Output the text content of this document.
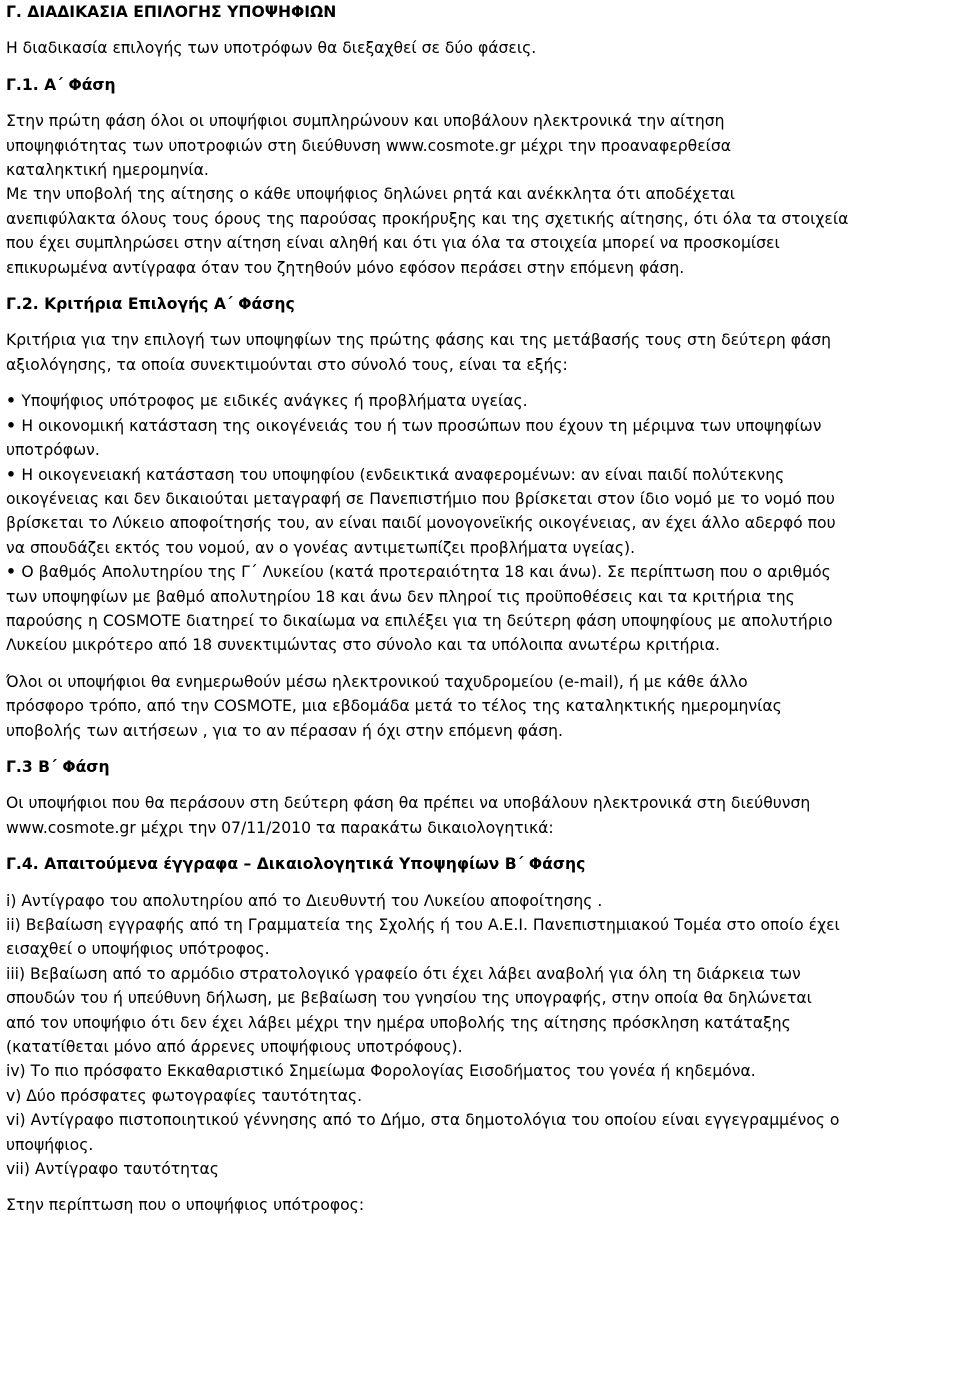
Γ. ΔΙΑΔΙΚΑΣΙΑ ΕΠΙΛΟΓΗΣ ΥΠΟΨΗΦΙΩΝ

Η διαδικασία επιλογής των υποτρόφων θα διεξαχθεί σε δύο φάσεις.

Γ.1. Α΄ Φάση

Στην πρώτη φάση όλοι οι υποψήφιοι συμπληρώνουν και υποβάλουν ηλεκτρονικά την αίτηση
υποψηφιότητας των υποτροφιών στη διεύθυνση www.cosmote.gr μέχρι την προαναφερθείσα
καταληκτική ημερομηνία.
Με την υποβολή της αίτησης ο κάθε υποψήφιος δηλώνει ρητά και ανέκκλητα ότι αποδέχεται
ανεπιφύλακτα όλους τους όρους της παρούσας προκήρυξης και της σχετικής αίτησης, ότι όλα τα στοιχεία
που έχει συμπληρώσει στην αίτηση είναι αληθή και ότι για όλα τα στοιχεία μπορεί να προσκομίσει
επικυρωμένα αντίγραφα όταν του ζητηθούν μόνο εφόσον περάσει στην επόμενη φάση.

Γ.2. Κριτήρια Επιλογής Α΄ Φάσης

Κριτήρια για την επιλογή των υποψηφίων της πρώτης φάσης και της μετάβασής τους στη δεύτερη φάση
αξιολόγησης, τα οποία συνεκτιμούνται στο σύνολό τους, είναι τα εξής:
• Υποψήφιος υπότροφος με ειδικές ανάγκες ή προβλήματα υγείας.
• Η οικονομική κατάσταση της οικογένειάς του ή των προσώπων που έχουν τη μέριμνα των υποψηφίων
υποτρόφων.
• Η οικογενειακή κατάσταση του υποψηφίου (ενδεικτικά αναφερομένων: αν είναι παιδί πολύτεκνης
οικογένειας και δεν δικαιούται μεταγραφή σε Πανεπιστήμιο που βρίσκεται στον ίδιο νομό με το νομό που
βρίσκεται το Λύκειο αποφοίτησής του, αν είναι παιδί μονογονεϊκής οικογένειας, αν έχει άλλο αδερφό που
να σπουδάζει εκτός του νομού, αν ο γονέας αντιμετωπίζει προβλήματα υγείας).
• Ο βαθμός Απολυτηρίου της Γ΄ Λυκείου (κατά προτεραιότητα 18 και άνω). Σε περίπτωση που ο αριθμός
των υποψηφίων με βαθμό απολυτηρίου 18 και άνω δεν πληροί τις προϋποθέσεις και τα κριτήρια της
παρούσης η COSMOTE διατηρεί το δικαίωμα να επιλέξει για τη δεύτερη φάση υποψηφίους με απολυτήριο
Λυκείου μικρότερο από 18 συνεκτιμώντας στο σύνολο και τα υπόλοιπα ανωτέρω κριτήρια.
Όλοι οι υποψήφιοι θα ενημερωθούν μέσω ηλεκτρονικού ταχυδρομείου (e-mail), ή με κάθε άλλο
πρόσφορο τρόπο, από την COSMOTE, μια εβδομάδα μετά το τέλος της καταληκτικής ημερομηνίας
υποβολής των αιτήσεων , για το αν πέρασαν ή όχι στην επόμενη φάση.

Γ.3 Β΄ Φάση

Οι υποψήφιοι που θα περάσουν στη δεύτερη φάση θα πρέπει να υποβάλουν ηλεκτρονικά στη διεύθυνση
www.cosmote.gr μέχρι την 07/11/2010 τα παρακάτω δικαιολογητικά:

Γ.4. Απαιτούμενα έγγραφα – Δικαιολογητικά Υποψηφίων Β΄ Φάσης

i) Αντίγραφο του απολυτηρίου από το Διευθυντή του Λυκείου αποφοίτησης .
ii) Βεβαίωση εγγραφής από τη Γραμματεία της Σχολής ή του Α.Ε.Ι. Πανεπιστημιακού Τομέα στο οποίο έχει
εισαχθεί ο υποψήφιος υπότροφος.
iii) Βεβαίωση από το αρμόδιο στρατολογικό γραφείο ότι έχει λάβει αναβολή για όλη τη διάρκεια των
σπουδών του ή υπεύθυνη δήλωση, με βεβαίωση του γνησίου της υπογραφής, στην οποία θα δηλώνεται
από τον υποψήφιο ότι δεν έχει λάβει μέχρι την ημέρα υποβολής της αίτησης πρόσκληση κατάταξης
(κατατίθεται μόνο από άρρενες υποψήφιους υποτρόφους).
iv) Το πιο πρόσφατο Εκκαθαριστικό Σημείωμα Φορολογίας Εισοδήματος του γονέα ή κηδεμόνα.
v) Δύο πρόσφατες φωτογραφίες ταυτότητας.
vi) Αντίγραφο πιστοποιητικού γέννησης από το Δήμο, στα δημοτολόγια του οποίου είναι εγγεγραμμένος ο
υποψήφιος.
vii) Αντίγραφο ταυτότητας

Στην περίπτωση που ο υποψήφιος υπότροφος:
